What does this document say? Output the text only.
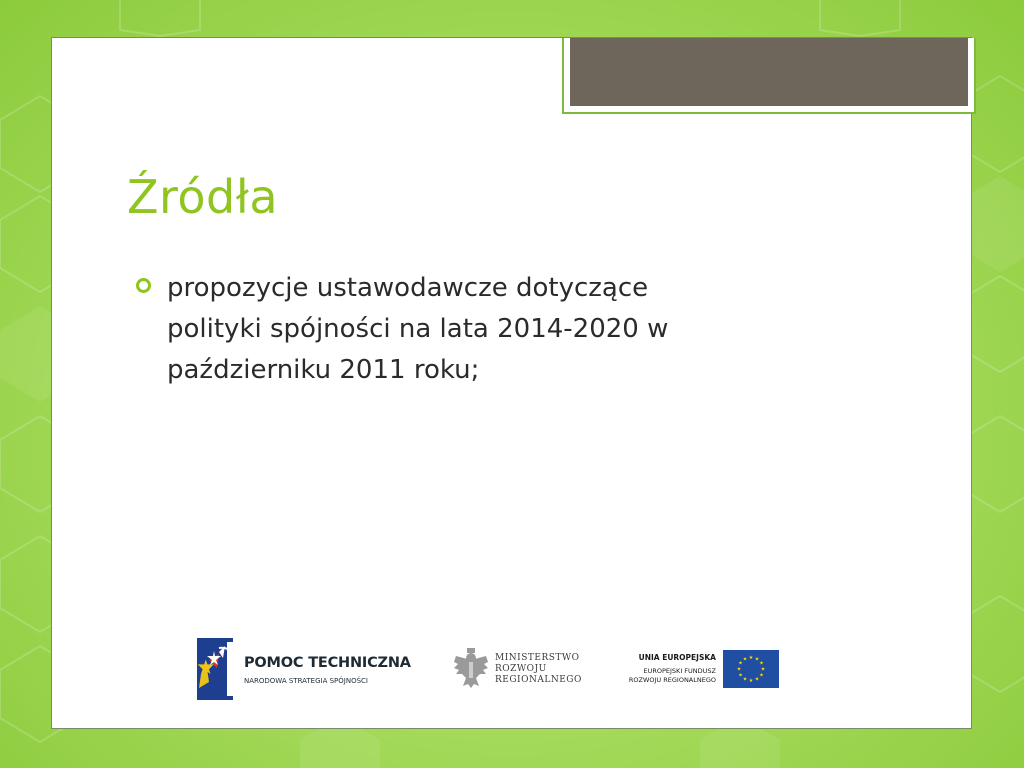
Źródła
propozycje ustawodawcze dotyczące
polityki spójności na lata 2014-2020 w
październiku 2011 roku;
POMOC TECHNICZNA
NARODOWA STRATEGIA SPÓJNOŚCI
MINISTERSTWO
ROZWOJU
REGIONALNEGO
UNIA EUROPEJSKA
EUROPEJSKI FUNDUSZ
ROZWOJU REGIONALNEGO
★ ★
★
★
★
★
★
★
★
★
★
★
